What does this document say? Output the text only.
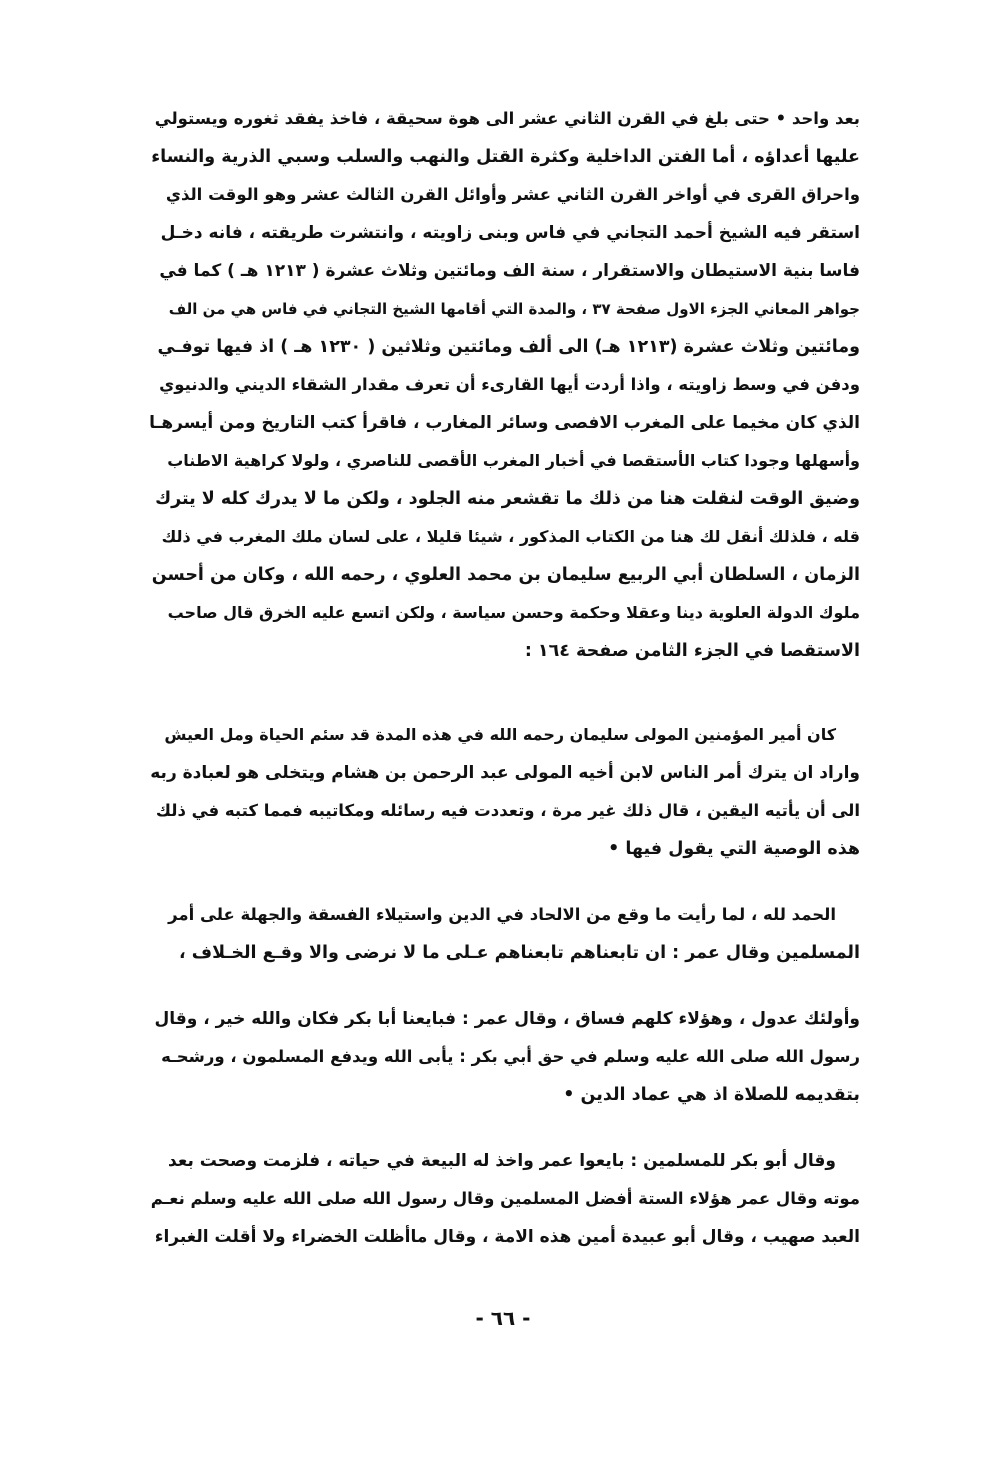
بعد واحد • حتى بلغ في القرن الثاني عشر الى هوة سحيقة ، فاخذ يفقد ثغوره ويستولي
عليها أعداؤه ، أما الفتن الداخلية وكثرة القتل والنهب والسلب وسبي الذرية والنساء
واحراق القرى في أواخر القرن الثاني عشر وأوائل القرن الثالث عشر وهو الوقت الذي
استقر فيه الشيخ أحمد التجاني في فاس وبنى زاويته ، وانتشرت طريقته ، فانه دخـل
فاسا بنية الاستيطان والاستقرار ، سنة الف ومائتين وثلاث عشرة ( ١٢١٣ هـ ) كما في
جواهر المعاني الجزء الاول صفحة ٣٧ ، والمدة التي أقامها الشيخ التجاني في فاس هي من الف
ومائتين وثلاث عشرة (١٢١٣ هـ) الى ألف ومائتين وثلاثين ( ١٢٣٠ هـ ) اذ فيها توفـي
ودفن في وسط زاويته ، واذا أردت أيها القارىء أن تعرف مقدار الشقاء الديني والدنيوي
الذي كان مخيما على المغرب الافصى وسائر المغارب ، فاقرأ كتب التاريخ ومن أيسرهـا
وأسهلها وجودا كتاب الأستقصا في أخبار المغرب الأقصى للناصري ، ولولا كراهية الاطناب
وضيق الوقت لنقلت هنا من ذلك ما تقشعر منه الجلود ، ولكن ما لا يدرك كله لا يترك
قله ، فلذلك أنقل لك هنا من الكتاب المذكور ، شيئا قليلا ، على لسان ملك المغرب في ذلك
الزمان ، السلطان أبي الربيع سليمان بن محمد العلوي ، رحمه الله ، وكان من أحسن
ملوك الدولة العلوية دينا وعقلا وحكمة وحسن سياسة ، ولكن اتسع عليه الخرق قال صاحب
الاستقصا في الجزء الثامن صفحة ١٦٤ :
كان أمير المؤمنين المولى سليمان رحمه الله في هذه المدة قد سئم الحياة ومل العيش
واراد ان يترك أمر الناس لابن أخيه المولى عبد الرحمن بن هشام ويتخلى هو لعبادة ربه
الى أن يأتيه اليقين ، قال ذلك غير مرة ، وتعددت فيه رسائله ومكاتيبه فمما كتبه في ذلك
هذه الوصية التي يقول فيها •
الحمد لله ، لما رأيت ما وقع من الالحاد في الدين واستيلاء الفسقة والجهلة على أمر
المسلمين وقال عمر : ان تابعناهم تابعناهم عـلى ما لا نرضى والا وقـع الخـلاف ،
وأولئك عدول ، وهؤلاء كلهم فساق ، وقال عمر : فبايعنا أبا بكر فكان والله خير ، وقال
رسول الله صلى الله عليه وسلم في حق أبي بكر : يأبى الله ويدفع المسلمون ، ورشحـه
بتقديمه للصلاة اذ هي عماد الدين •
وقال أبو بكر للمسلمين : بايعوا عمر واخذ له البيعة في حياته ، فلزمت وصحت بعد
موته وقال عمر هؤلاء الستة أفضل المسلمين وقال رسول الله صلى الله عليه وسلم نعـم
العبد صهيب ، وقال أبو عبيدة أمين هذه الامة ، وقال ماأظلت الخضراء ولا أقلت الغبراء
- ٦٦ -
